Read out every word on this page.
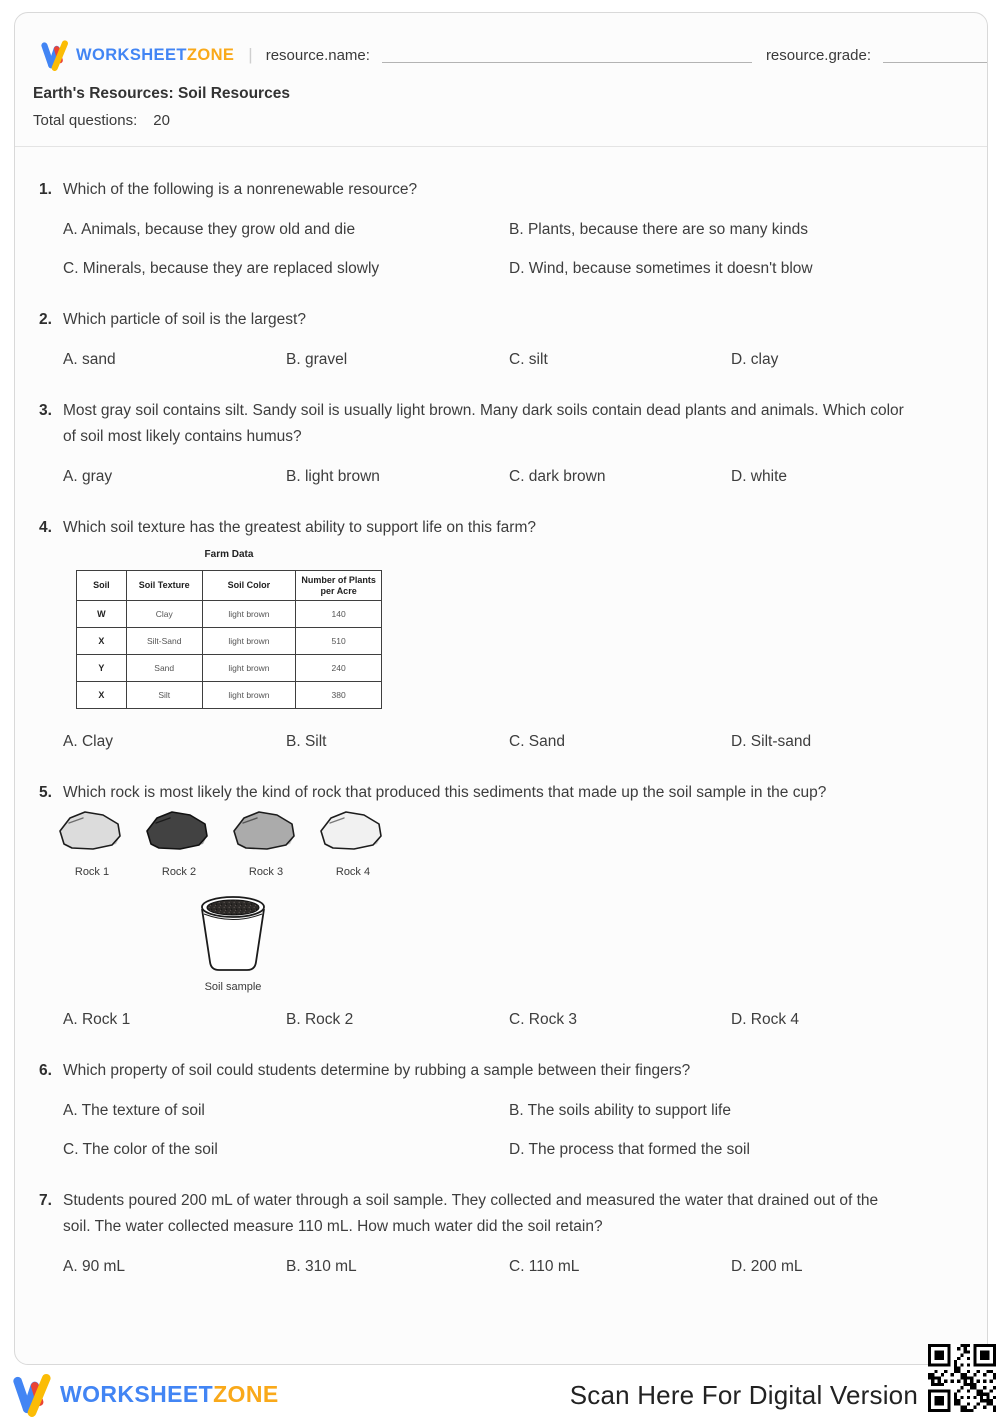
WORKSHEETZONE | resource.name:	resource.grade:
Earth's Resources: Soil Resources
Total questions: 20
1. Which of the following is a nonrenewable resource?
A. Animals, because they grow old and die	B. Plants, because there are so many kinds
C. Minerals, because they are replaced slowly	D. Wind, because sometimes it doesn't blow
2. Which particle of soil is the largest?
A. sand	B. gravel	C. silt	D. clay
3. Most gray soil contains silt. Sandy soil is usually light brown. Many dark soils contain dead plants and animals. Which color of soil most likely contains humus?
A. gray	B. light brown	C. dark brown	D. white
4. Which soil texture has the greatest ability to support life on this farm?
Farm Data
Soil	Soil Texture	Soil Color	Number of Plants per Acre
W	Clay	light brown	140
X	Silt-Sand	light brown	510
Y	Sand	light brown	240
X	Silt	light brown	380
A. Clay	B. Silt	C. Sand	D. Silt-sand
5. Which rock is most likely the kind of rock that produced this sediments that made up the soil sample in the cup?
Rock 1	Rock 2	Rock 3	Rock 4
Soil sample
A. Rock 1	B. Rock 2	C. Rock 3	D. Rock 4
6. Which property of soil could students determine by rubbing a sample between their fingers?
A. The texture of soil	B. The soils ability to support life
C. The color of the soil	D. The process that formed the soil
7. Students poured 200 mL of water through a soil sample. They collected and measured the water that drained out of the soil. The water collected measure 110 mL. How much water did the soil retain?
A. 90 mL	B. 310 mL	C. 110 mL	D. 200 mL
WORKSHEETZONE	Scan Here For Digital Version
